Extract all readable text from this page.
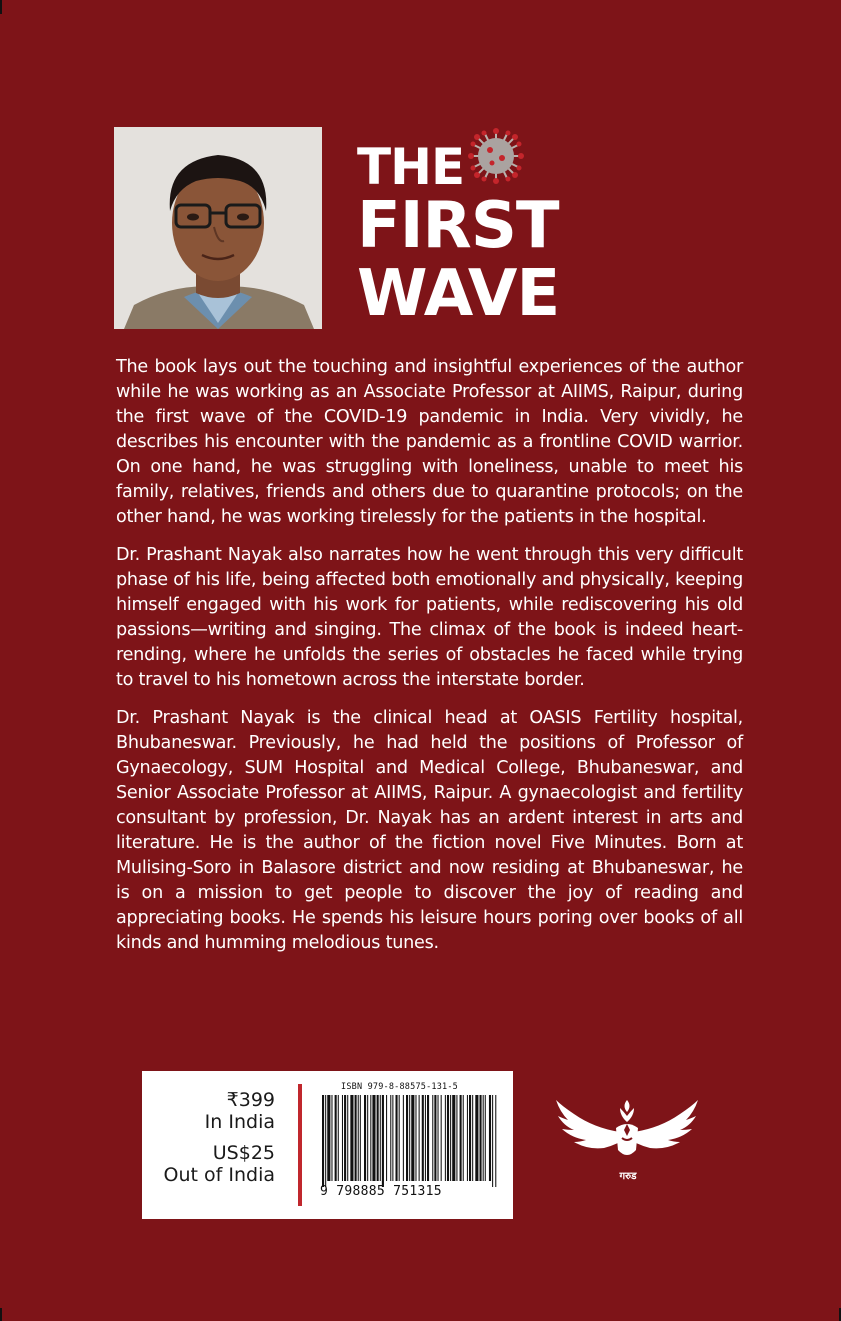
THE
FIRST
WAVE

The book lays out the touching and insightful experiences of the author while he was working as an Associate Professor at AIIMS, Raipur, during the first wave of the COVID-19 pandemic in India. Very vividly, he describes his encounter with the pandemic as a frontline COVID warrior. On one hand, he was struggling with loneliness, unable to meet his family, relatives, friends and others due to quarantine protocols; on the other hand, he was working tirelessly for the patients in the hospital.

Dr. Prashant Nayak also narrates how he went through this very difficult phase of his life, being affected both emotionally and physically, keeping himself engaged with his work for patients, while rediscovering his old passions—writing and singing. The climax of the book is indeed heart-rending, where he unfolds the series of obstacles he faced while trying to travel to his hometown across the interstate border.

Dr. Prashant Nayak is the clinical head at OASIS Fertility hospital, Bhubaneswar. Previously, he had held the positions of Professor of Gynaecology, SUM Hospital and Medical College, Bhubaneswar, and Senior Associate Professor at AIIMS, Raipur. A gynaecologist and fertility consultant by profession, Dr. Nayak has an ardent interest in arts and literature. He is the author of the fiction novel Five Minutes. Born at Mulising-Soro in Balasore district and now residing at Bhubaneswar, he is on a mission to get people to discover the joy of reading and appreciating books. He spends his leisure hours poring over books of all kinds and humming melodious tunes.

₹399
In India
US$25
Out of India
ISBN 979-8-88575-131-5
9 798885 751315
गरुड
